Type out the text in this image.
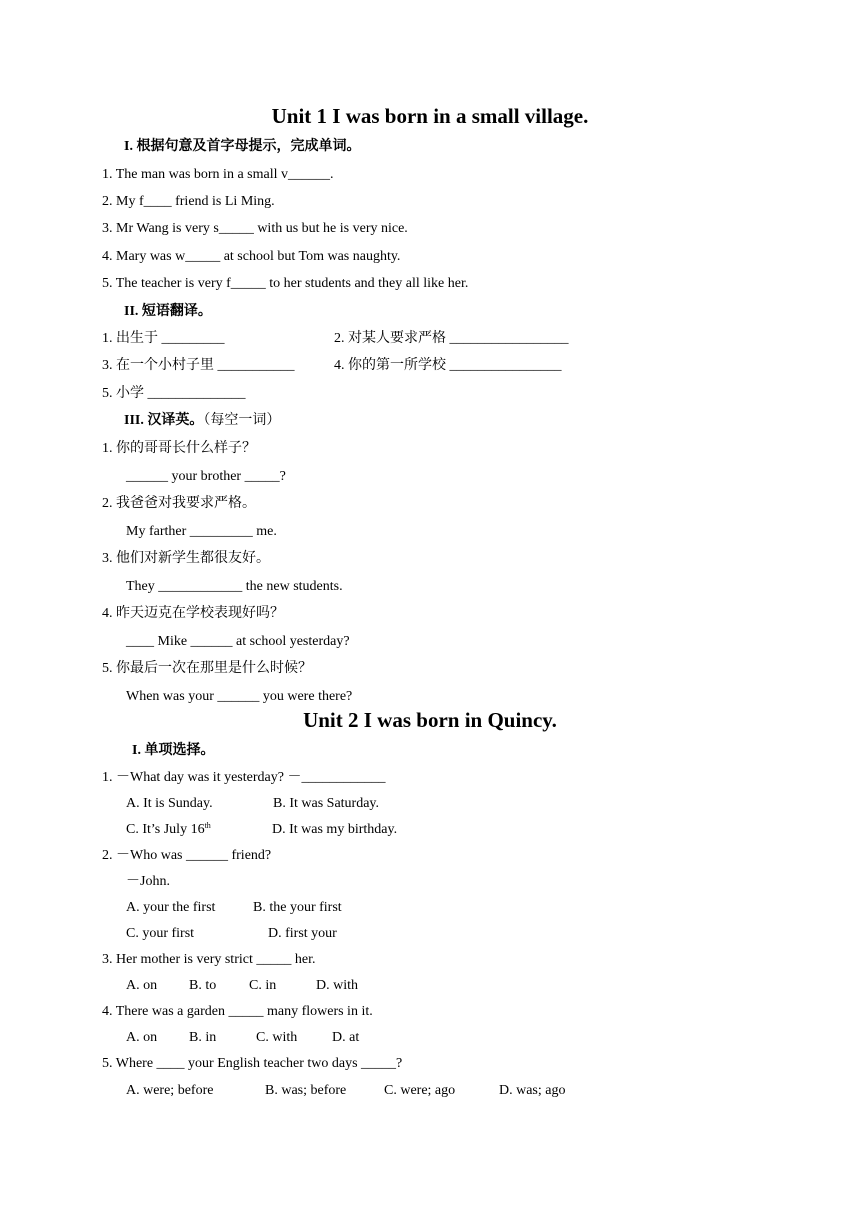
Unit 1 I was born in a small village.
I. 根据句意及首字母提示，完成单词。
1. The man was born in a small v______.
2. My f____ friend is Li Ming.
3. Mr Wang is very s_____ with us but he is very nice.
4. Mary was w_____ at school but Tom was naughty.
5. The teacher is very f_____ to her students and they all like her.
II. 短语翻译。
1. 出生于 _________	2. 对某人要求严格 _________________
3. 在一个小村子里 ___________	4. 你的第一所学校 ________________
5. 小学 ______________
III. 汉译英。（每空一词）
1. 你的哥哥长什么样子？
______ your brother _____?
2. 我爸爸对我要求严格。
My farther _________ me.
3. 他们对新学生都很友好。
They ____________ the new students.
4. 昨天迈克在学校表现好吗？
____ Mike ______ at school yesterday?
5. 你最后一次在那里是什么时候？
When was your ______ you were there?
Unit 2 I was born in Quincy.
I. 单项选择。
1. －What day was it yesterday? －____________
A. It is Sunday.	B. It was Saturday.
C. It’s July 16th	D. It was my birthday.
2. －Who was ______ friend?
－John.
A. your the first	B. the your first
C. your first	D. first your
3. Her mother is very strict _____ her.
A. on B. to C. in	D. with
4. There was a garden _____ many flowers in it.
A. on B. in	C. with D. at
5. Where ____ your English teacher two days _____?
A. were; before	B. was; before	C. were; ago	D. was; ago
